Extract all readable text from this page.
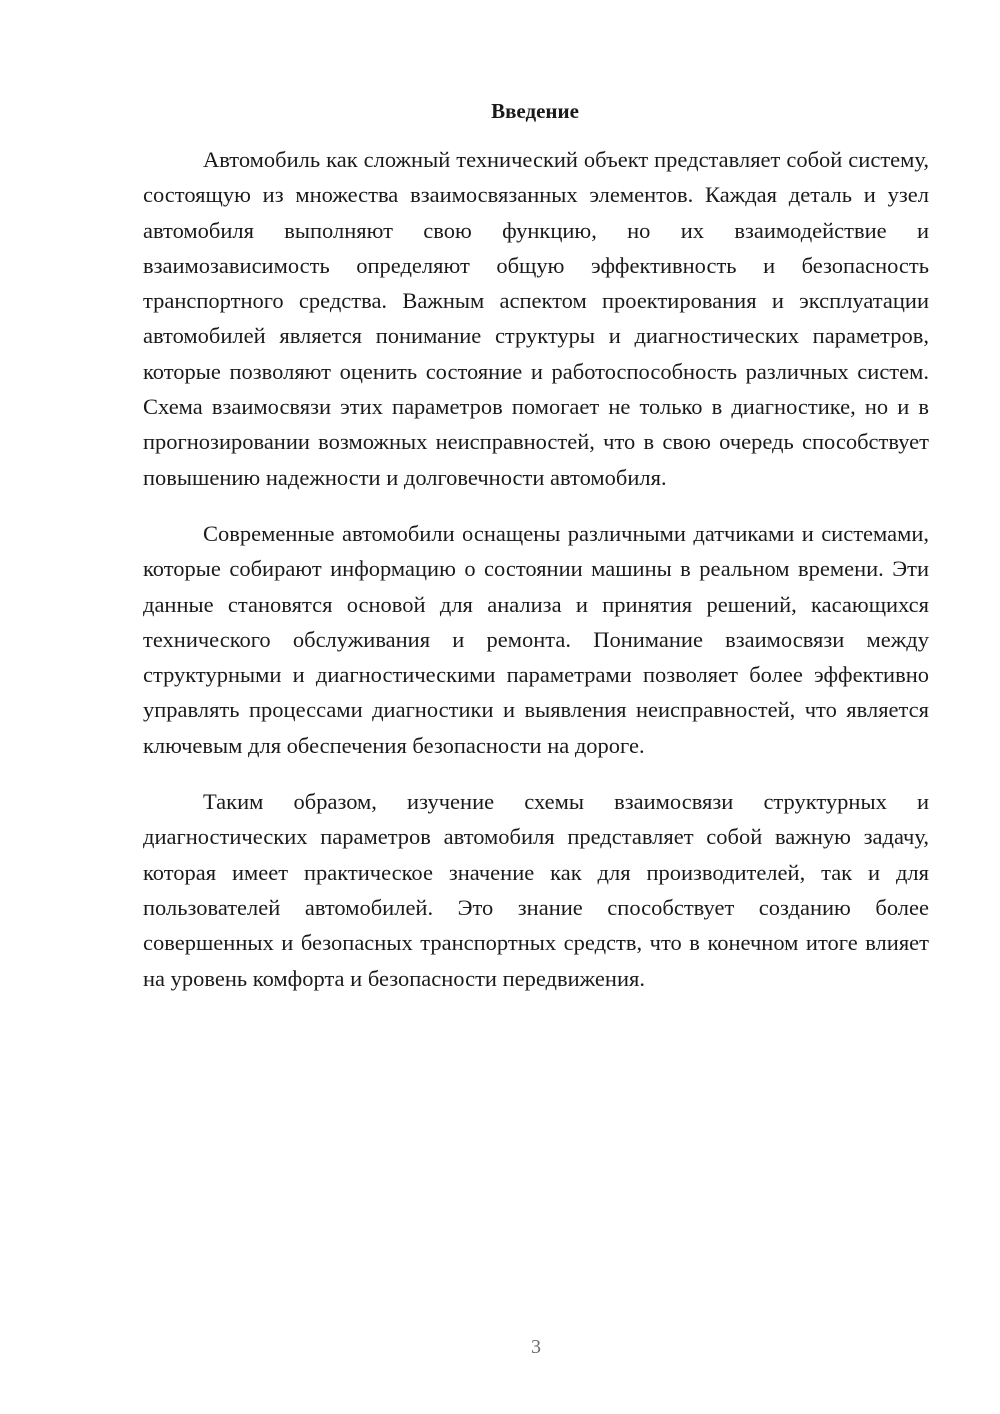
Введение

Автомобиль как сложный технический объект представляет собой систему, состоящую из множества взаимосвязанных элементов. Каждая деталь и узел автомобиля выполняют свою функцию, но их взаимодействие и взаимозависимость определяют общую эффективность и безопасность транспортного средства. Важным аспектом проектирования и эксплуатации автомобилей является понимание структуры и диагностических параметров, которые позволяют оценить состояние и работоспособность различных систем. Схема взаимосвязи этих параметров помогает не только в диагностике, но и в прогнозировании возможных неисправностей, что в свою очередь способствует повышению надежности и долговечности автомобиля.

Современные автомобили оснащены различными датчиками и системами, которые собирают информацию о состоянии машины в реальном времени. Эти данные становятся основой для анализа и принятия решений, касающихся технического обслуживания и ремонта. Понимание взаимосвязи между структурными и диагностическими параметрами позволяет более эффективно управлять процессами диагностики и выявления неисправностей, что является ключевым для обеспечения безопасности на дороге.

Таким образом, изучение схемы взаимосвязи структурных и диагностических параметров автомобиля представляет собой важную задачу, которая имеет практическое значение как для производителей, так и для пользователей автомобилей. Это знание способствует созданию более совершенных и безопасных транспортных средств, что в конечном итоге влияет на уровень комфорта и безопасности передвижения.

3
